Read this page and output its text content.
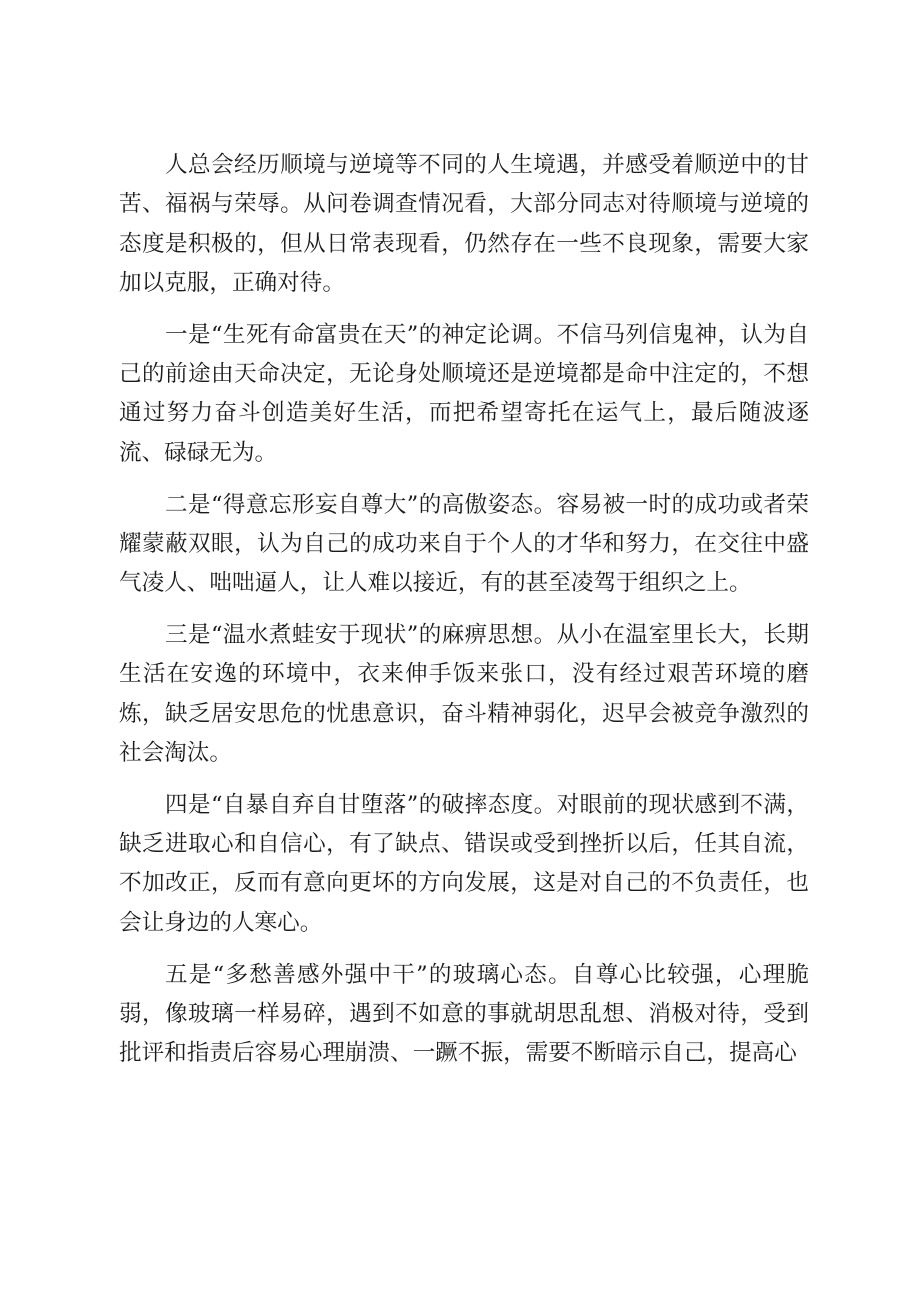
人总会经历顺境与逆境等不同的人生境遇，并感受着顺逆中的甘苦、福祸与荣辱。从问卷调查情况看，大部分同志对待顺境与逆境的态度是积极的，但从日常表现看，仍然存在一些不良现象，需要大家加以克服，正确对待。

一是“生死有命富贵在天”的神定论调。不信马列信鬼神，认为自己的前途由天命决定，无论身处顺境还是逆境都是命中注定的，不想通过努力奋斗创造美好生活，而把希望寄托在运气上，最后随波逐流、碌碌无为。

二是“得意忘形妄自尊大”的高傲姿态。容易被一时的成功或者荣耀蒙蔽双眼，认为自己的成功来自于个人的才华和努力，在交往中盛气凌人、咄咄逼人，让人难以接近，有的甚至凌驾于组织之上。

三是“温水煮蛙安于现状”的麻痹思想。从小在温室里长大，长期生活在安逸的环境中，衣来伸手饭来张口，没有经过艰苦环境的磨炼，缺乏居安思危的忧患意识，奋斗精神弱化，迟早会被竞争激烈的社会淘汰。

四是“自暴自弃自甘堕落”的破摔态度。对眼前的现状感到不满，缺乏进取心和自信心，有了缺点、错误或受到挫折以后，任其自流，不加改正，反而有意向更坏的方向发展，这是对自己的不负责任，也会让身边的人寒心。

五是“多愁善感外强中干”的玻璃心态。自尊心比较强，心理脆弱，像玻璃一样易碎，遇到不如意的事就胡思乱想、消极对待，受到批评和指责后容易心理崩溃、一蹶不振，需要不断暗示自己，提高心
